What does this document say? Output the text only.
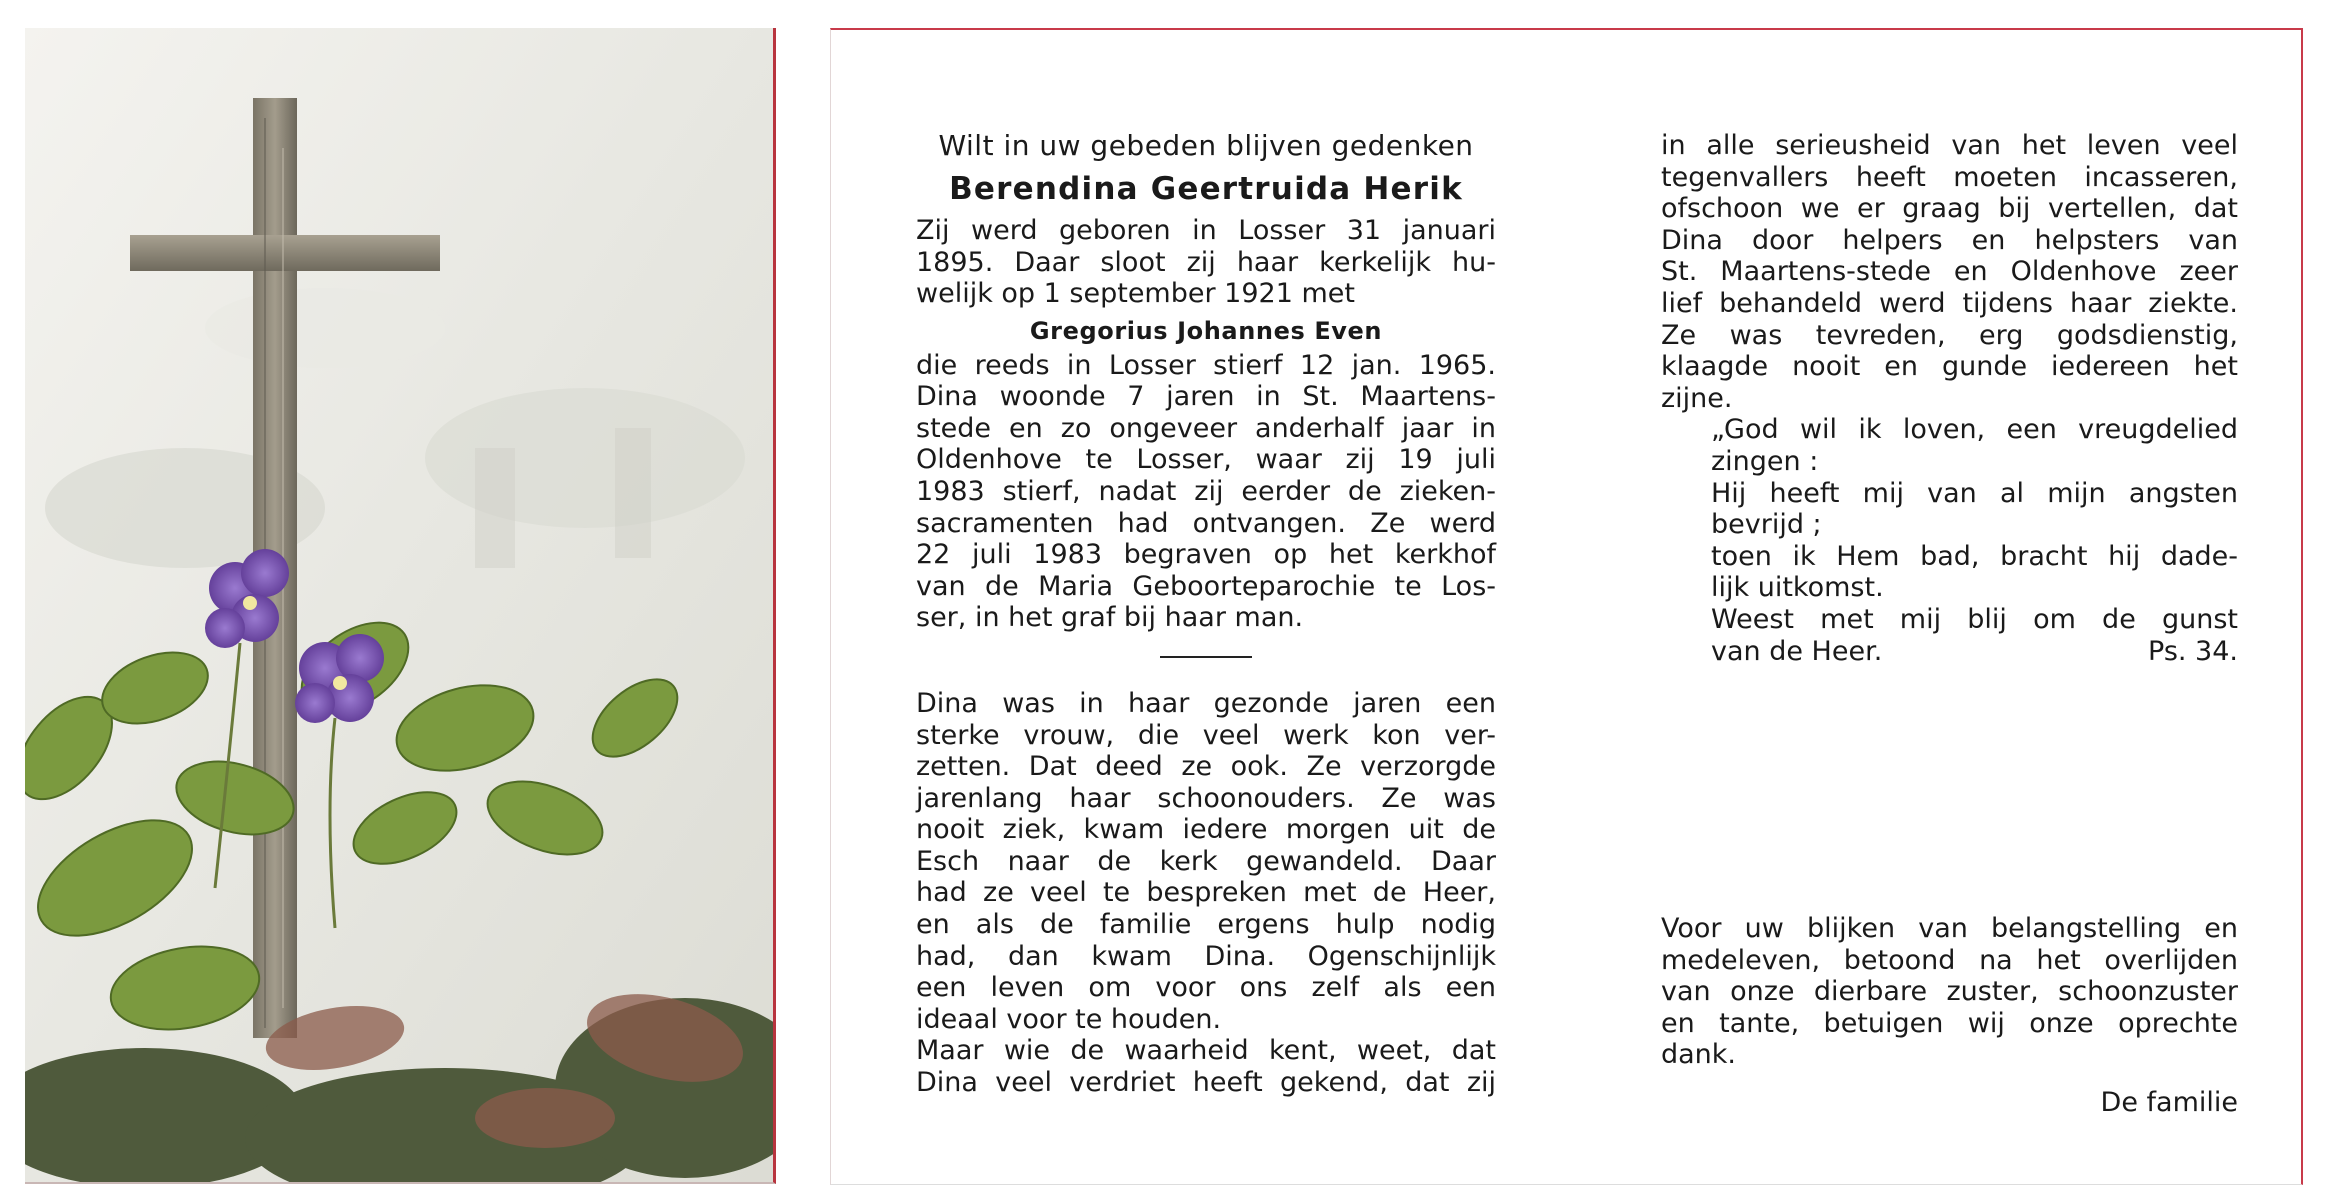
Wilt in uw gebeden blijven gedenken
Berendina Geertruida Herik
Zij werd geboren in Losser 31 januari
1895. Daar sloot zij haar kerkelijk hu-
welijk op 1 september 1921 met
Gregorius Johannes Even
die reeds in Losser stierf 12 jan. 1965.
Dina woonde 7 jaren in St. Maartens-
stede en zo ongeveer anderhalf jaar in
Oldenhove te Losser, waar zij 19 juli
1983 stierf, nadat zij eerder de zieken-
sacramenten had ontvangen. Ze werd
22 juli 1983 begraven op het kerkhof
van de Maria Geboorteparochie te Los-
ser, in het graf bij haar man.
Dina was in haar gezonde jaren een
sterke vrouw, die veel werk kon ver-
zetten. Dat deed ze ook. Ze verzorgde
jarenlang haar schoonouders. Ze was
nooit ziek, kwam iedere morgen uit de
Esch naar de kerk gewandeld. Daar
had ze veel te bespreken met de Heer,
en als de familie ergens hulp nodig
had, dan kwam Dina. Ogenschijnlijk
een leven om voor ons zelf als een
ideaal voor te houden.
Maar wie de waarheid kent, weet, dat
Dina veel verdriet heeft gekend, dat zij
in alle serieusheid van het leven veel
tegenvallers heeft moeten incasseren,
ofschoon we er graag bij vertellen, dat
Dina door helpers en helpsters van
St. Maartens-stede en Oldenhove zeer
lief behandeld werd tijdens haar ziekte.
Ze was tevreden, erg godsdienstig,
klaagde nooit en gunde iedereen het
zijne.
„God wil ik loven, een vreugdelied
zingen :
Hij heeft mij van al mijn angsten
bevrijd ;
toen ik Hem bad, bracht hij dade-
lijk uitkomst.
Weest met mij blij om de gunst
van de Heer.	Ps. 34.
Voor uw blijken van belangstelling en
medeleven, betoond na het overlijden
van onze dierbare zuster, schoonzuster
en tante, betuigen wij onze oprechte
dank.
De familie
